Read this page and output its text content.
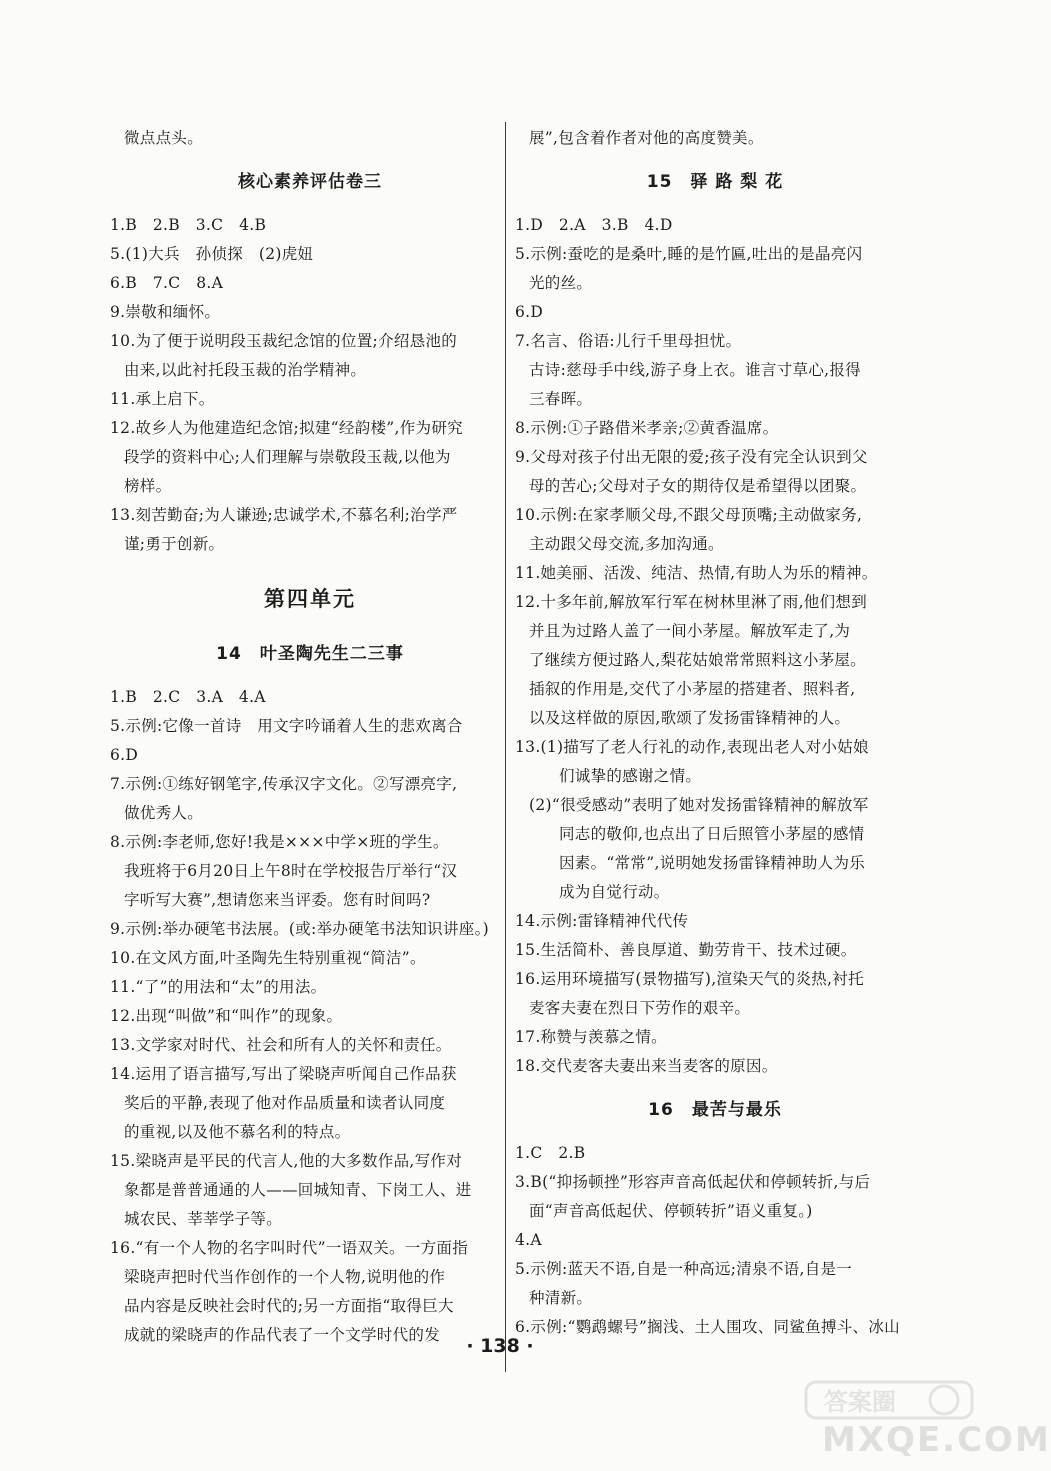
微点点头。
核心素养评估卷三
1.B　2.B　3.C　4.B
5.(1)大兵　孙侦探　(2)虎妞
6.B　7.C　8.A
9.崇敬和缅怀。
10.为了便于说明段玉裁纪念馆的位置;介绍恳池的
由来,以此衬托段玉裁的治学精神。
11.承上启下。
12.故乡人为他建造纪念馆;拟建“经韵楼”,作为研究
段学的资料中心;人们理解与崇敬段玉裁,以他为
榜样。
13.刻苦勤奋;为人谦逊;忠诚学术,不慕名利;治学严
谨;勇于创新。
第四单元
14　叶圣陶先生二三事
1.B　2.C　3.A　4.A
5.示例:它像一首诗　用文字吟诵着人生的悲欢离合
6.D
7.示例:①练好钢笔字,传承汉字文化。②写漂亮字,
做优秀人。
8.示例:李老师,您好!我是×××中学×班的学生。
我班将于6月20日上午8时在学校报告厅举行“汉
字听写大赛”,想请您来当评委。您有时间吗?
9.示例:举办硬笔书法展。(或:举办硬笔书法知识讲座。)
10.在文风方面,叶圣陶先生特别重视“简洁”。
11.“了”的用法和“太”的用法。
12.出现“叫做”和“叫作”的现象。
13.文学家对时代、社会和所有人的关怀和责任。
14.运用了语言描写,写出了梁晓声听闻自己作品获
奖后的平静,表现了他对作品质量和读者认同度
的重视,以及他不慕名利的特点。
15.梁晓声是平民的代言人,他的大多数作品,写作对
象都是普普通通的人——回城知青、下岗工人、进
城农民、莘莘学子等。
16.“有一个人物的名字叫时代”一语双关。一方面指
梁晓声把时代当作创作的一个人物,说明他的作
品内容是反映社会时代的;另一方面指“取得巨大
成就的梁晓声的作品代表了一个文学时代的发
展”,包含着作者对他的高度赞美。
15　驿 路 梨 花
1.D　2.A　3.B　4.D
5.示例:蚕吃的是桑叶,睡的是竹匾,吐出的是晶亮闪
光的丝。
6.D
7.名言、俗语:儿行千里母担忧。
古诗:慈母手中线,游子身上衣。谁言寸草心,报得
三春晖。
8.示例:①子路借米孝亲;②黄香温席。
9.父母对孩子付出无限的爱;孩子没有完全认识到父
母的苦心;父母对子女的期待仅是希望得以团聚。
10.示例:在家孝顺父母,不跟父母顶嘴;主动做家务,
主动跟父母交流,多加沟通。
11.她美丽、活泼、纯洁、热情,有助人为乐的精神。
12.十多年前,解放军行军在树林里淋了雨,他们想到
并且为过路人盖了一间小茅屋。解放军走了,为
了继续方便过路人,梨花姑娘常常照料这小茅屋。
插叙的作用是,交代了小茅屋的搭建者、照料者,
以及这样做的原因,歌颂了发扬雷锋精神的人。
13.(1)描写了老人行礼的动作,表现出老人对小姑娘
们诚挚的感谢之情。
(2)“很受感动”表明了她对发扬雷锋精神的解放军
同志的敬仰,也点出了日后照管小茅屋的感情
因素。“常常”,说明她发扬雷锋精神助人为乐
成为自觉行动。
14.示例:雷锋精神代代传
15.生活简朴、善良厚道、勤劳肯干、技术过硬。
16.运用环境描写(景物描写),渲染天气的炎热,衬托
麦客夫妻在烈日下劳作的艰辛。
17.称赞与羡慕之情。
18.交代麦客夫妻出来当麦客的原因。
16　最苦与最乐
1.C　2.B
3.B(“抑扬顿挫”形容声音高低起伏和停顿转折,与后
面“声音高低起伏、停顿转折”语义重复。)
4.A
5.示例:蓝天不语,自是一种高远;清泉不语,自是一
种清新。
6.示例:“鹦鹉螺号”搁浅、土人围攻、同鲨鱼搏斗、冰山
· 138 ·
答案圈
MXQE.COM
